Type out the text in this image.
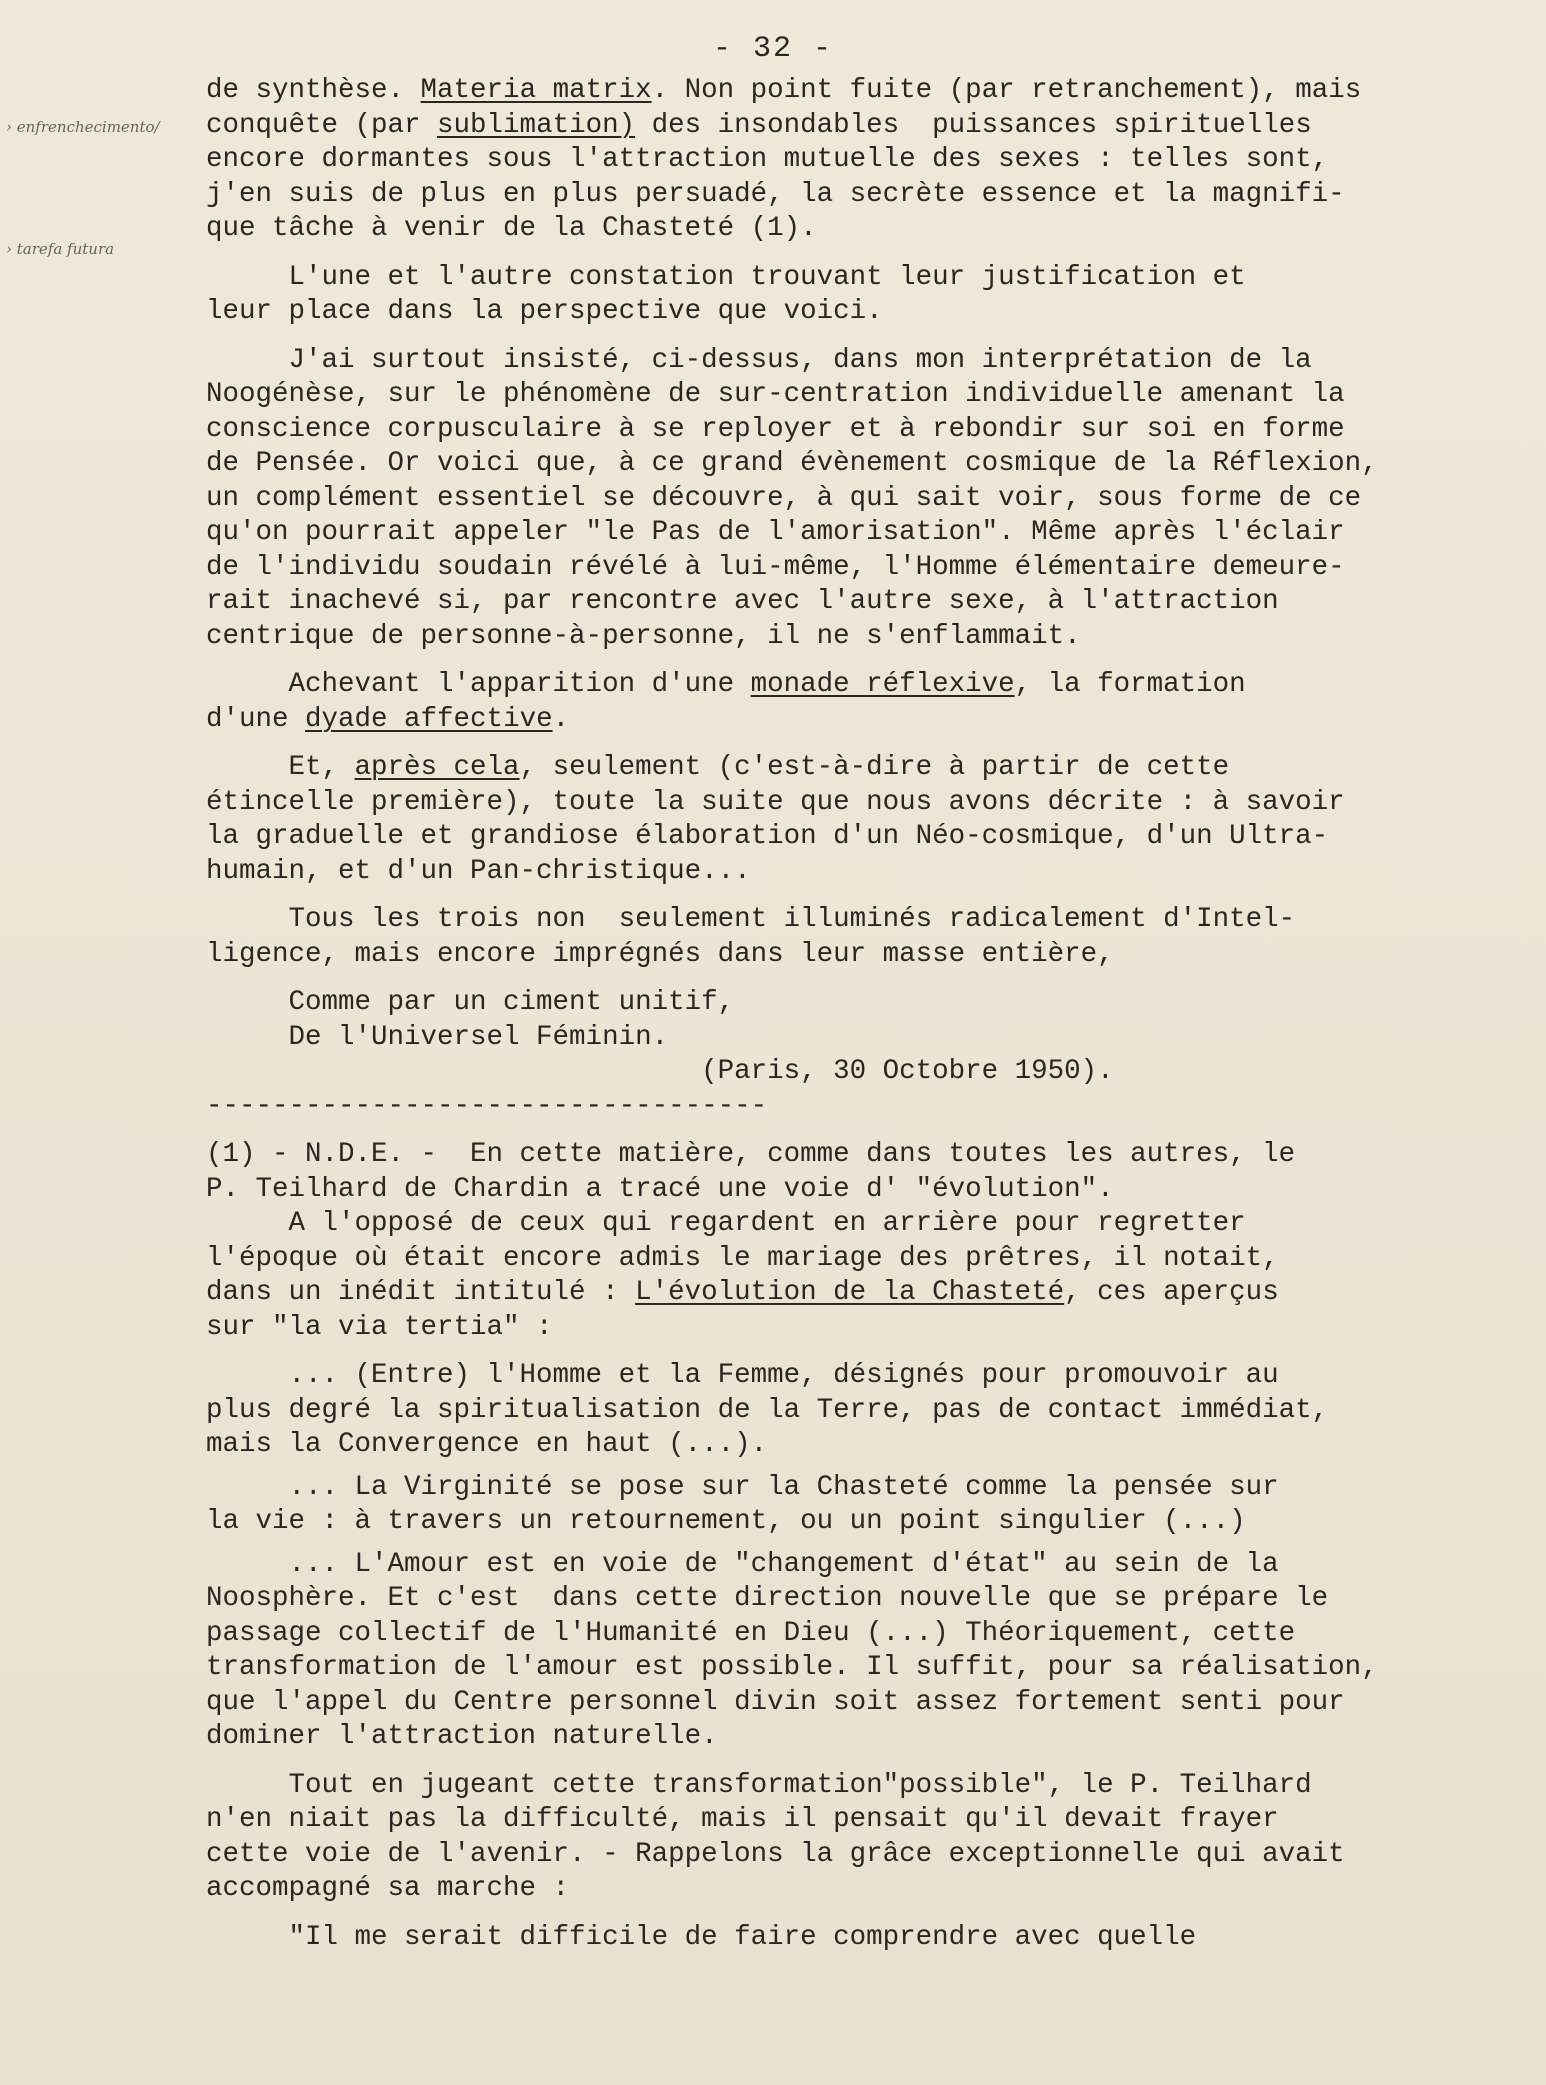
- 32 -
› enfrenchecimento/
› tarefa futura
de synthèse. Materia matrix. Non point fuite (par retranchement), mais
conquête (par sublimation) des insondables  puissances spirituelles
encore dormantes sous l'attraction mutuelle des sexes : telles sont,
j'en suis de plus en plus persuadé, la secrète essence et la magnifi-
que tâche à venir de la Chasteté (1).
L'une et l'autre constation trouvant leur justification et
leur place dans la perspective que voici.
J'ai surtout insisté, ci-dessus, dans mon interprétation de la
Noogénèse, sur le phénomène de sur-centration individuelle amenant la
conscience corpusculaire à se reployer et à rebondir sur soi en forme
de Pensée. Or voici que, à ce grand évènement cosmique de la Réflexion,
un complément essentiel se découvre, à qui sait voir, sous forme de ce
qu'on pourrait appeler "le Pas de l'amorisation". Même après l'éclair
de l'individu soudain révélé à lui-même, l'Homme élémentaire demeure-
rait inachevé si, par rencontre avec l'autre sexe, à l'attraction
centrique de personne-à-personne, il ne s'enflammait.
Achevant l'apparition d'une monade réflexive, la formation
d'une dyade affective.
Et, après cela, seulement (c'est-à-dire à partir de cette
étincelle première), toute la suite que nous avons décrite : à savoir
la graduelle et grandiose élaboration d'un Néo-cosmique, d'un Ultra-
humain, et d'un Pan-christique...
Tous les trois non  seulement illuminés radicalement d'Intel-
ligence, mais encore imprégnés dans leur masse entière,
Comme par un ciment unitif,
De l'Universel Féminin.
(Paris, 30 Octobre 1950).
----------------------------------
(1) - N.D.E. -  En cette matière, comme dans toutes les autres, le
P. Teilhard de Chardin a tracé une voie d' "évolution".
A l'opposé de ceux qui regardent en arrière pour regretter
l'époque où était encore admis le mariage des prêtres, il notait,
dans un inédit intitulé : L'évolution de la Chasteté, ces aperçus
sur "la via tertia" :
... (Entre) l'Homme et la Femme, désignés pour promouvoir au
plus degré la spiritualisation de la Terre, pas de contact immédiat,
mais la Convergence en haut (...).
... La Virginité se pose sur la Chasteté comme la pensée sur
la vie : à travers un retournement, ou un point singulier (...)
... L'Amour est en voie de "changement d'état" au sein de la
Noosphère. Et c'est  dans cette direction nouvelle que se prépare le
passage collectif de l'Humanité en Dieu (...) Théoriquement, cette
transformation de l'amour est possible. Il suffit, pour sa réalisation,
que l'appel du Centre personnel divin soit assez fortement senti pour
dominer l'attraction naturelle.
Tout en jugeant cette transformation"possible", le P. Teilhard
n'en niait pas la difficulté, mais il pensait qu'il devait frayer
cette voie de l'avenir. - Rappelons la grâce exceptionnelle qui avait
accompagné sa marche :
"Il me serait difficile de faire comprendre avec quelle
